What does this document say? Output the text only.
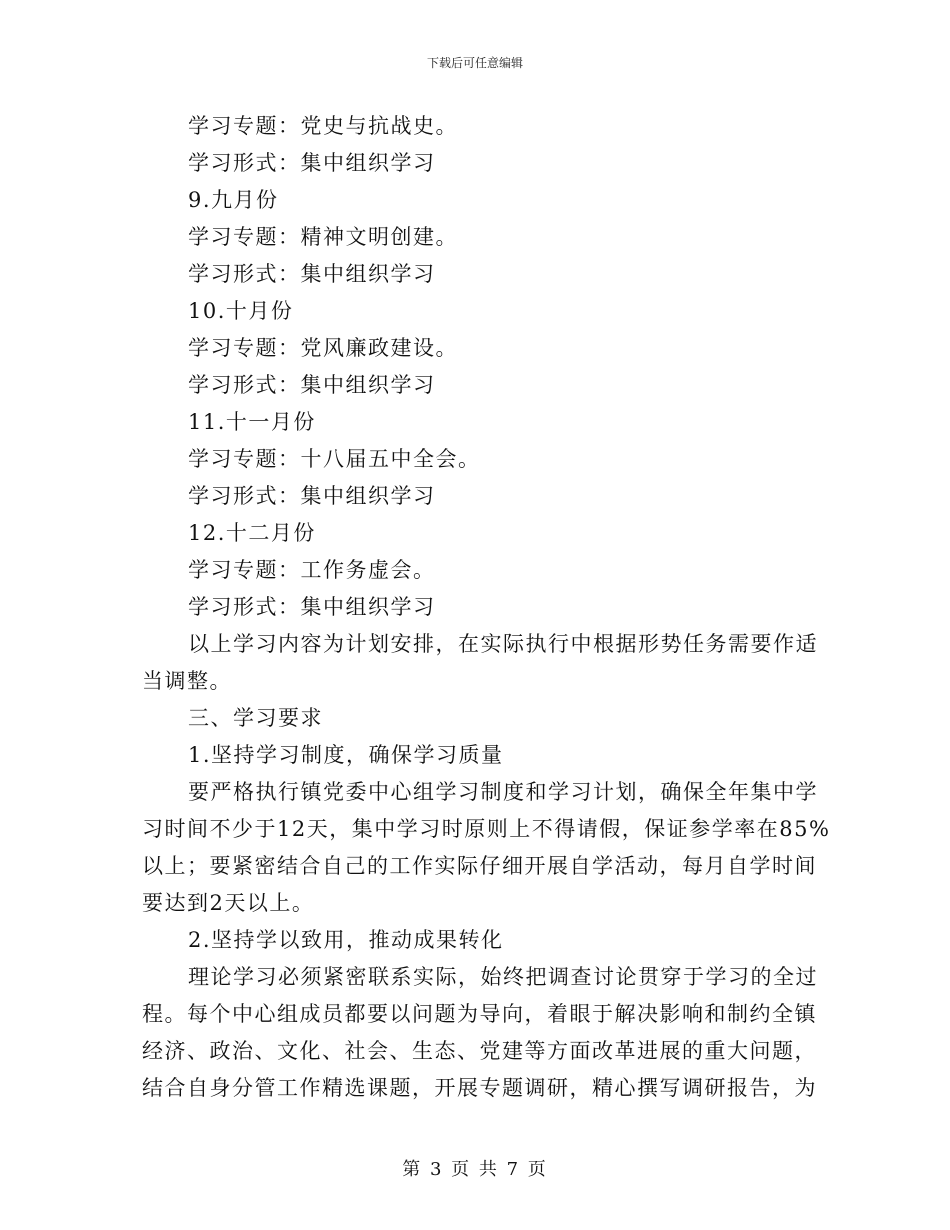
下载后可任意编辑
学习专题：党史与抗战史。
学习形式：集中组织学习
9.九月份
学习专题：精神文明创建。
学习形式：集中组织学习
10.十月份
学习专题：党风廉政建设。
学习形式：集中组织学习
11.十一月份
学习专题：十八届五中全会。
学习形式：集中组织学习
12.十二月份
学习专题：工作务虚会。
学习形式：集中组织学习
以上学习内容为计划安排，在实际执行中根据形势任务需要作适
当调整。
三、学习要求
1.坚持学习制度，确保学习质量
要严格执行镇党委中心组学习制度和学习计划，确保全年集中学
习时间不少于12天，集中学习时原则上不得请假，保证参学率在85%
以上；要紧密结合自己的工作实际仔细开展自学活动，每月自学时间
要达到2天以上。
2.坚持学以致用，推动成果转化
理论学习必须紧密联系实际，始终把调查讨论贯穿于学习的全过
程。每个中心组成员都要以问题为导向，着眼于解决影响和制约全镇
经济、政治、文化、社会、生态、党建等方面改革进展的重大问题，
结合自身分管工作精选课题，开展专题调研，精心撰写调研报告，为
第 3 页 共 7 页
